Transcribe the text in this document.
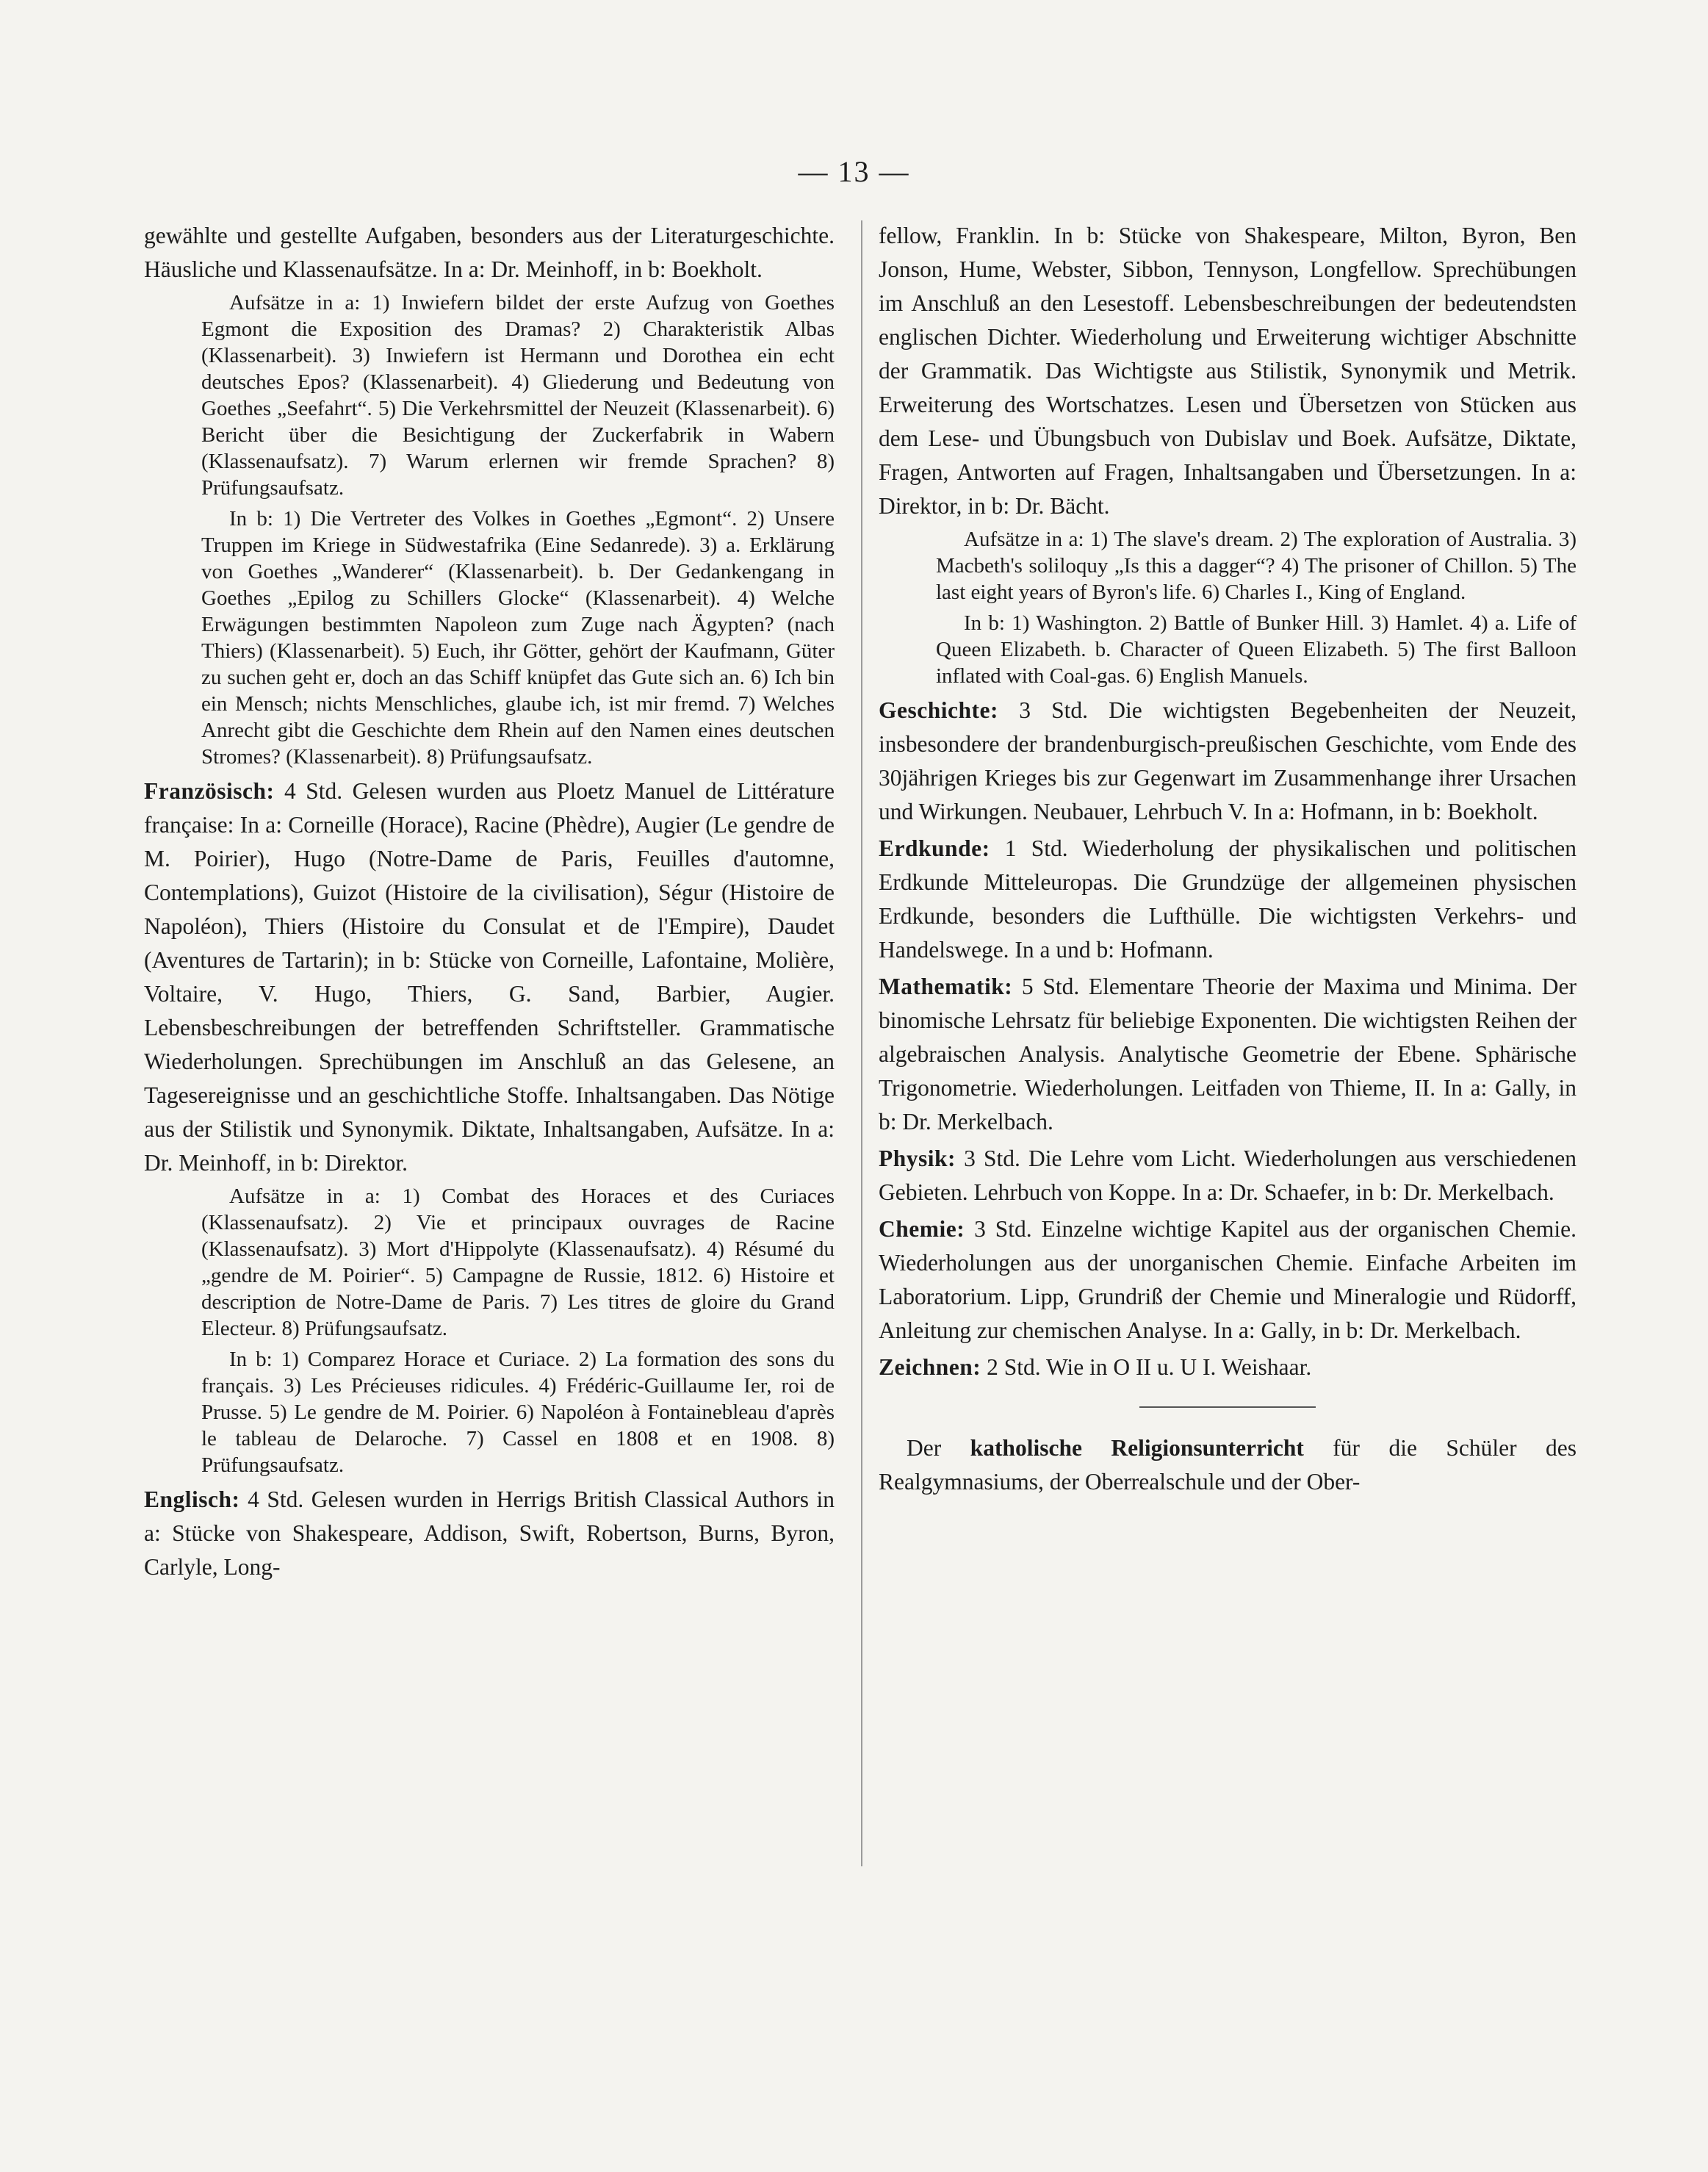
— 13 —

gewählte und gestellte Aufgaben, besonders aus der Literaturgeschichte. Häusliche und Klassenaufsätze. In a: Dr. Meinhoff, in b: Boekholt.

Aufsätze in a: 1) Inwiefern bildet der erste Aufzug von Goethes Egmont die Exposition des Dramas? 2) Charakteristik Albas (Klassenarbeit). 3) Inwiefern ist Hermann und Dorothea ein echt deutsches Epos? (Klassenarbeit). 4) Gliederung und Bedeutung von Goethes „Seefahrt“. 5) Die Verkehrsmittel der Neuzeit (Klassenarbeit). 6) Bericht über die Besichtigung der Zuckerfabrik in Wabern (Klassenaufsatz). 7) Warum erlernen wir fremde Sprachen? 8) Prüfungsaufsatz.

In b: 1) Die Vertreter des Volkes in Goethes „Egmont“. 2) Unsere Truppen im Kriege in Südwestafrika (Eine Sedanrede). 3) a. Erklärung von Goethes „Wanderer“ (Klassenarbeit). b. Der Gedankengang in Goethes „Epilog zu Schillers Glocke“ (Klassenarbeit). 4) Welche Erwägungen bestimmten Napoleon zum Zuge nach Ägypten? (nach Thiers) (Klassenarbeit). 5) Euch, ihr Götter, gehört der Kaufmann, Güter zu suchen geht er, doch an das Schiff knüpfet das Gute sich an. 6) Ich bin ein Mensch; nichts Menschliches, glaube ich, ist mir fremd. 7) Welches Anrecht gibt die Geschichte dem Rhein auf den Namen eines deutschen Stromes? (Klassenarbeit). 8) Prüfungsaufsatz.

Französisch: 4 Std. Gelesen wurden aus Ploetz Manuel de Littérature française: In a: Corneille (Horace), Racine (Phèdre), Augier (Le gendre de M. Poirier), Hugo (Notre-Dame de Paris, Feuilles d'automne, Contemplations), Guizot (Histoire de la civilisation), Ségur (Histoire de Napoléon), Thiers (Histoire du Consulat et de l'Empire), Daudet (Aventures de Tartarin); in b: Stücke von Corneille, Lafontaine, Molière, Voltaire, V. Hugo, Thiers, G. Sand, Barbier, Augier. Lebensbeschreibungen der betreffenden Schriftsteller. Grammatische Wiederholungen. Sprechübungen im Anschluß an das Gelesene, an Tagesereignisse und an geschichtliche Stoffe. Inhaltsangaben. Das Nötige aus der Stilistik und Synonymik. Diktate, Inhaltsangaben, Aufsätze. In a: Dr. Meinhoff, in b: Direktor.

Aufsätze in a: 1) Combat des Horaces et des Curiaces (Klassenaufsatz). 2) Vie et principaux ouvrages de Racine (Klassenaufsatz). 3) Mort d'Hippolyte (Klassenaufsatz). 4) Résumé du „gendre de M. Poirier“. 5) Campagne de Russie, 1812. 6) Histoire et description de Notre-Dame de Paris. 7) Les titres de gloire du Grand Electeur. 8) Prüfungsaufsatz.

In b: 1) Comparez Horace et Curiace. 2) La formation des sons du français. 3) Les Précieuses ridicules. 4) Frédéric-Guillaume Ier, roi de Prusse. 5) Le gendre de M. Poirier. 6) Napoléon à Fontainebleau d'après le tableau de Delaroche. 7) Cassel en 1808 et en 1908. 8) Prüfungsaufsatz.

Englisch: 4 Std. Gelesen wurden in Herrigs British Classical Authors in a: Stücke von Shakespeare, Addison, Swift, Robertson, Burns, Byron, Carlyle, Long-

fellow, Franklin. In b: Stücke von Shakespeare, Milton, Byron, Ben Jonson, Hume, Webster, Sibbon, Tennyson, Longfellow. Sprechübungen im Anschluß an den Lesestoff. Lebensbeschreibungen der bedeutendsten englischen Dichter. Wiederholung und Erweiterung wichtiger Abschnitte der Grammatik. Das Wichtigste aus Stilistik, Synonymik und Metrik. Erweiterung des Wortschatzes. Lesen und Übersetzen von Stücken aus dem Lese- und Übungsbuch von Dubislav und Boek. Aufsätze, Diktate, Fragen, Antworten auf Fragen, Inhaltsangaben und Übersetzungen. In a: Direktor, in b: Dr. Bächt.

Aufsätze in a: 1) The slave's dream. 2) The exploration of Australia. 3) Macbeth's soliloquy „Is this a dagger“? 4) The prisoner of Chillon. 5) The last eight years of Byron's life. 6) Charles I., King of England.

In b: 1) Washington. 2) Battle of Bunker Hill. 3) Hamlet. 4) a. Life of Queen Elizabeth. b. Character of Queen Elizabeth. 5) The first Balloon inflated with Coal-gas. 6) English Manuels.

Geschichte: 3 Std. Die wichtigsten Begebenheiten der Neuzeit, insbesondere der brandenburgisch-preußischen Geschichte, vom Ende des 30jährigen Krieges bis zur Gegenwart im Zusammenhange ihrer Ursachen und Wirkungen. Neubauer, Lehrbuch V. In a: Hofmann, in b: Boekholt.

Erdkunde: 1 Std. Wiederholung der physikalischen und politischen Erdkunde Mitteleuropas. Die Grundzüge der allgemeinen physischen Erdkunde, besonders die Lufthülle. Die wichtigsten Verkehrs- und Handelswege. In a und b: Hofmann.

Mathematik: 5 Std. Elementare Theorie der Maxima und Minima. Der binomische Lehrsatz für beliebige Exponenten. Die wichtigsten Reihen der algebraischen Analysis. Analytische Geometrie der Ebene. Sphärische Trigonometrie. Wiederholungen. Leitfaden von Thieme, II. In a: Gally, in b: Dr. Merkelbach.

Physik: 3 Std. Die Lehre vom Licht. Wiederholungen aus verschiedenen Gebieten. Lehrbuch von Koppe. In a: Dr. Schaefer, in b: Dr. Merkelbach.

Chemie: 3 Std. Einzelne wichtige Kapitel aus der organischen Chemie. Wiederholungen aus der unorganischen Chemie. Einfache Arbeiten im Laboratorium. Lipp, Grundriß der Chemie und Mineralogie und Rüdorff, Anleitung zur chemischen Analyse. In a: Gally, in b: Dr. Merkelbach.

Zeichnen: 2 Std. Wie in O II u. U I. Weishaar.

Der katholische Religionsunterricht für die Schüler des Realgymnasiums, der Oberrealschule und der Ober-
